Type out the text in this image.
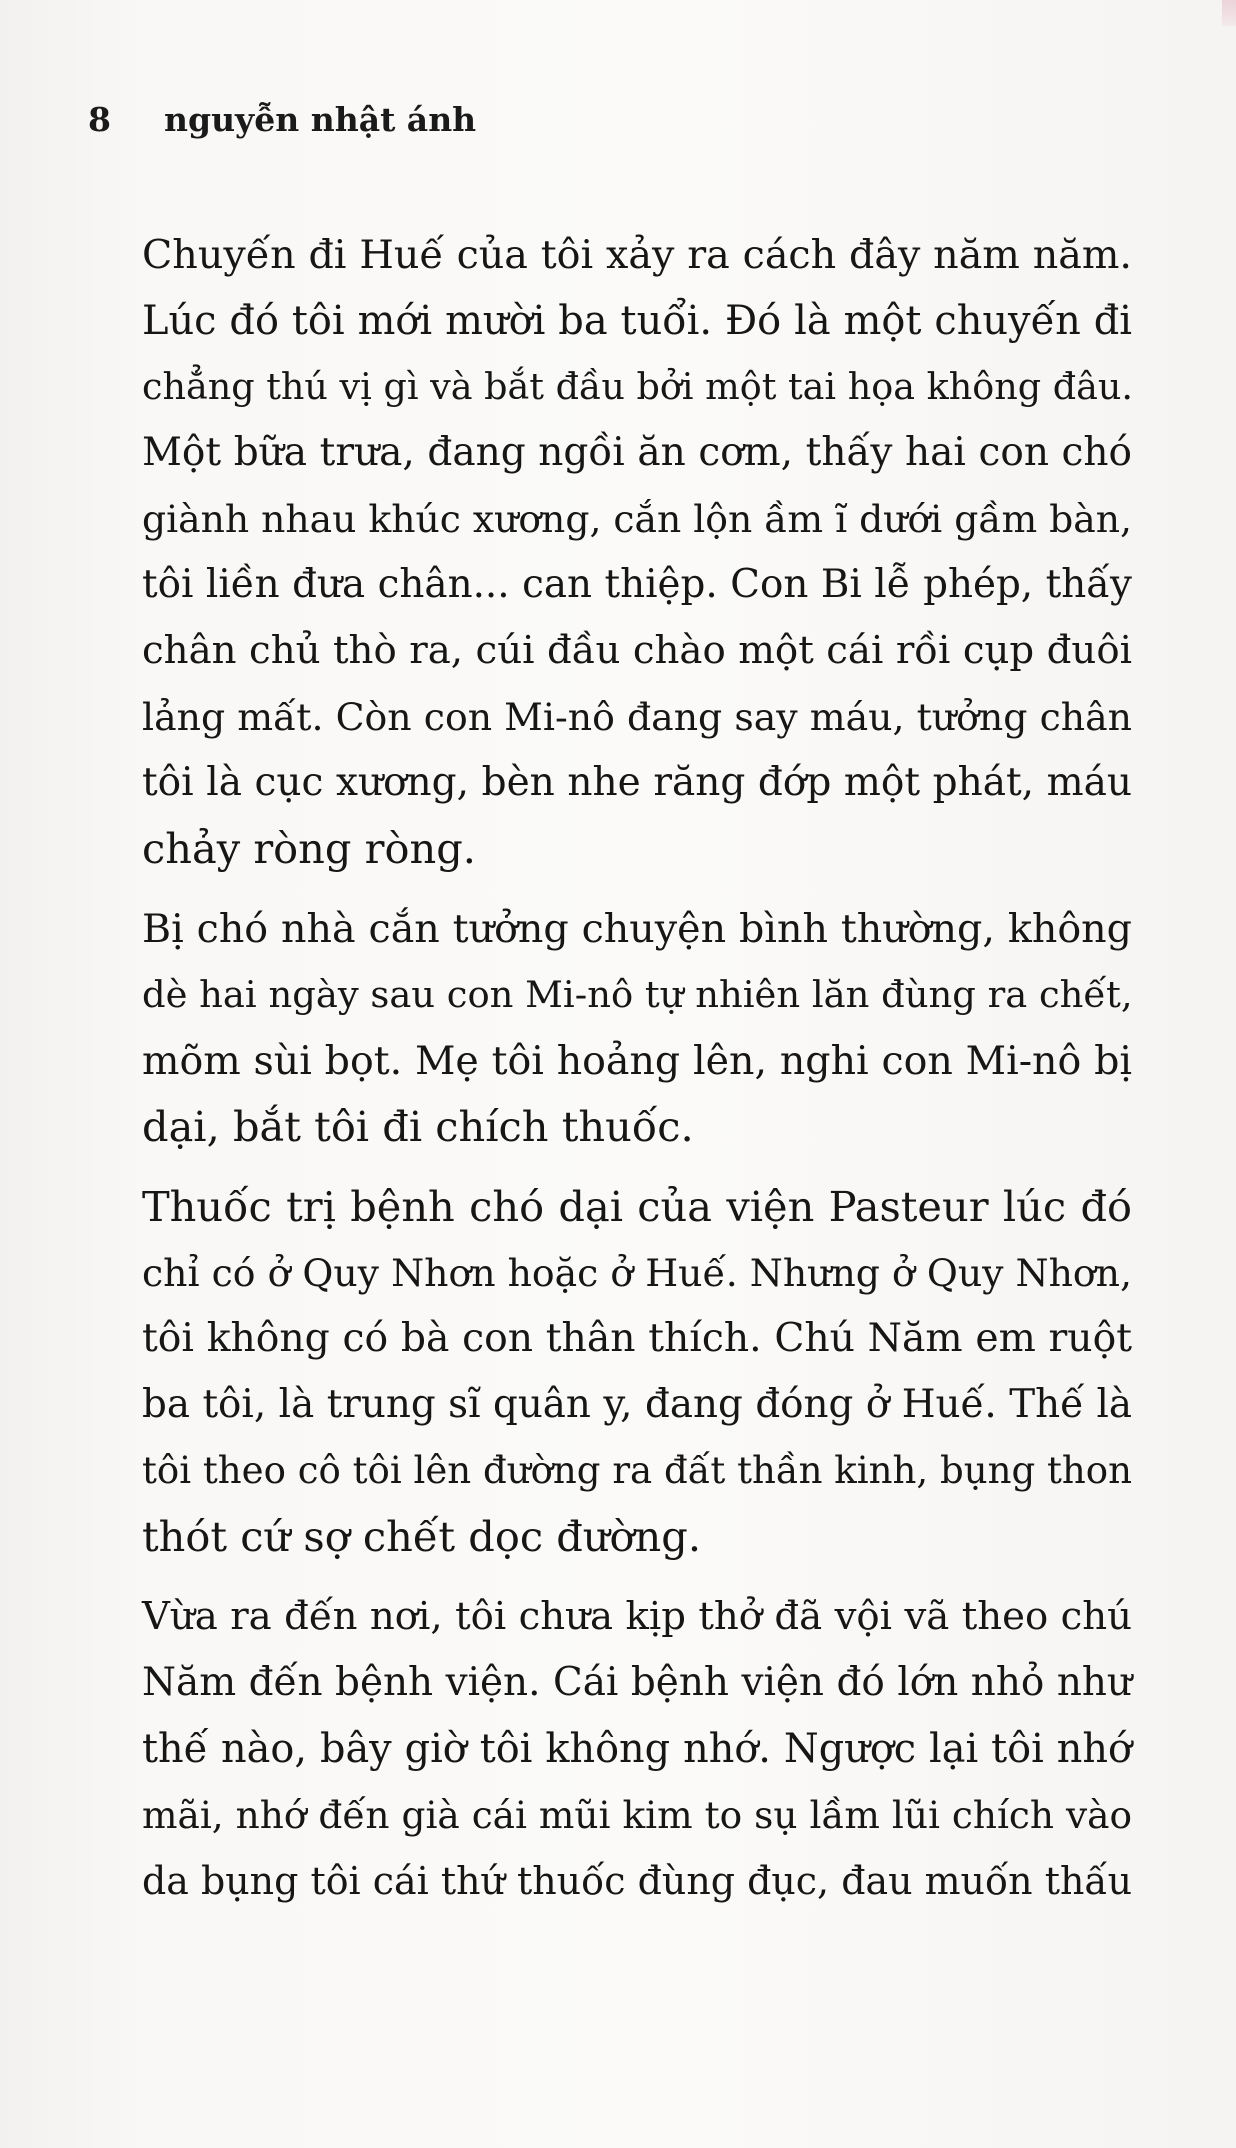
8 nguyễn nhật ánh
Chuyến đi Huế của tôi xảy ra cách đây năm năm.
Lúc đó tôi mới mười ba tuổi. Đó là một chuyến đi
chẳng thú vị gì và bắt đầu bởi một tai họa không đâu.
Một bữa trưa, đang ngồi ăn cơm, thấy hai con chó
giành nhau khúc xương, cắn lộn ầm ĩ dưới gầm bàn,
tôi liền đưa chân... can thiệp. Con Bi lễ phép, thấy
chân chủ thò ra, cúi đầu chào một cái rồi cụp đuôi
lảng mất. Còn con Mi-nô đang say máu, tưởng chân
tôi là cục xương, bèn nhe răng đớp một phát, máu
chảy ròng ròng.
Bị chó nhà cắn tưởng chuyện bình thường, không
dè hai ngày sau con Mi-nô tự nhiên lăn đùng ra chết,
mõm sùi bọt. Mẹ tôi hoảng lên, nghi con Mi-nô bị
dại, bắt tôi đi chích thuốc.
Thuốc trị bệnh chó dại của viện Pasteur lúc đó
chỉ có ở Quy Nhơn hoặc ở Huế. Nhưng ở Quy Nhơn,
tôi không có bà con thân thích. Chú Năm em ruột
ba tôi, là trung sĩ quân y, đang đóng ở Huế. Thế là
tôi theo cô tôi lên đường ra đất thần kinh, bụng thon
thót cứ sợ chết dọc đường.
Vừa ra đến nơi, tôi chưa kịp thở đã vội vã theo chú
Năm đến bệnh viện. Cái bệnh viện đó lớn nhỏ như
thế nào, bây giờ tôi không nhớ. Ngược lại tôi nhớ
mãi, nhớ đến già cái mũi kim to sụ lầm lũi chích vào
da bụng tôi cái thứ thuốc đùng đục, đau muốn thấu
